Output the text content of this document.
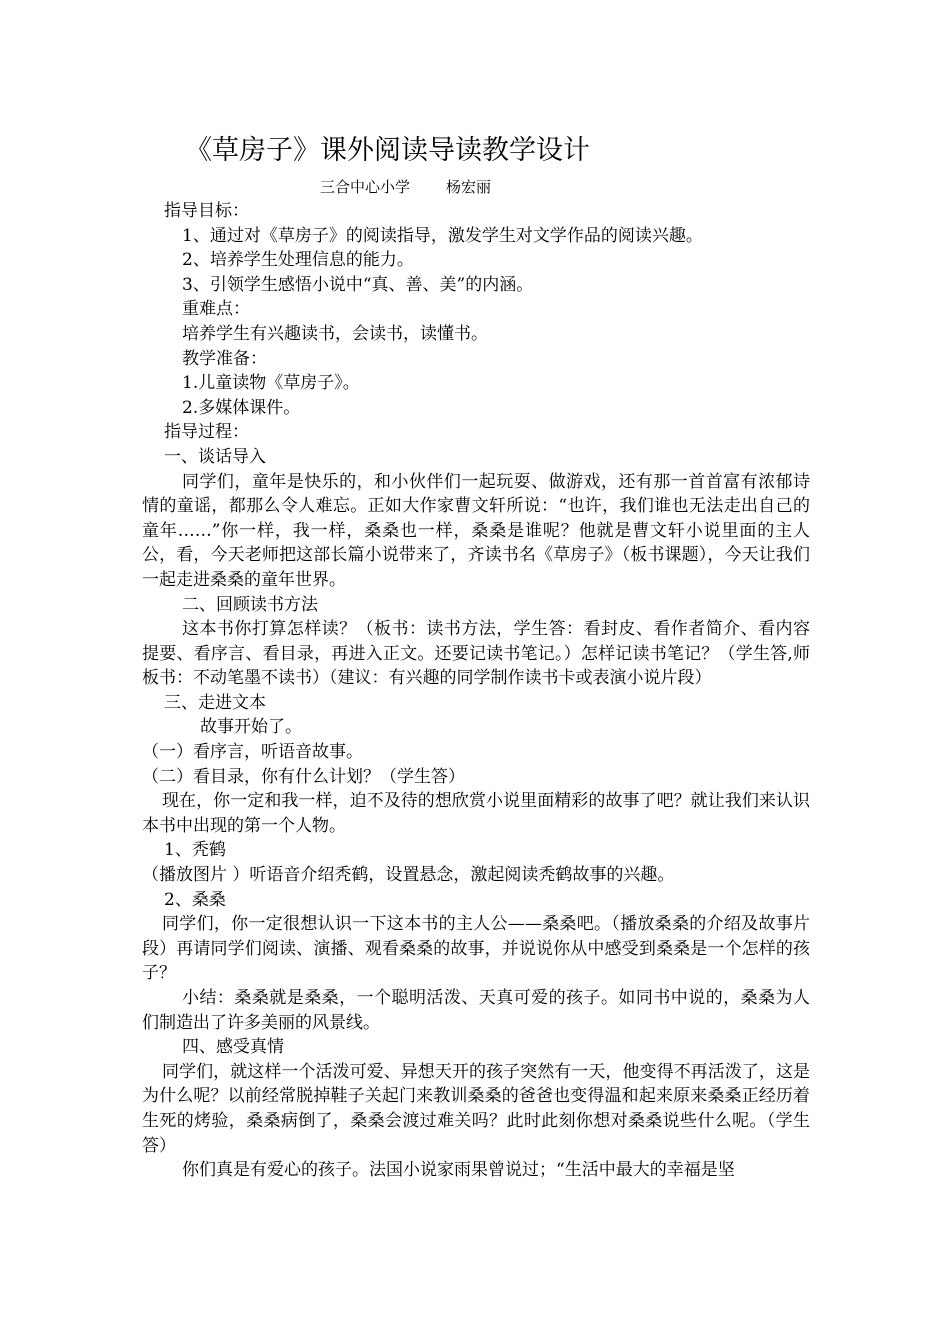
《草房子》课外阅读导读教学设计
三合中心小学 杨宏丽

指导目标：

1、通过对《草房子》的阅读指导，激发学生对文学作品的阅读兴趣。

2、培养学生处理信息的能力。

3、引领学生感悟小说中“真、善、美”的内涵。

重难点：

培养学生有兴趣读书，会读书，读懂书。

教学准备：

1.儿童读物《草房子》。

2.多媒体课件。

指导过程：

一、谈话导入

同学们，童年是快乐的，和小伙伴们一起玩耍、做游戏，还有那一首首富有浓郁诗情的童谣，都那么令人难忘。正如大作家曹文轩所说：“也许，我们谁也无法走出自己的童年……”你一样，我一样，桑桑也一样，桑桑是谁呢？他就是曹文轩小说里面的主人公，看，今天老师把这部长篇小说带来了，齐读书名《草房子》（板书课题），今天让我们一起走进桑桑的童年世界。

二、回顾读书方法

这本书你打算怎样读？（板书：读书方法，学生答：看封皮、看作者简介、看内容提要、看序言、看目录，再进入正文。还要记读书笔记。）怎样记读书笔记？（学生答,师板书：不动笔墨不读书）（建议：有兴趣的同学制作读书卡或表演小说片段）

三、走进文本

故事开始了。

（一）看序言，听语音故事。

（二）看目录，你有什么计划？（学生答）

现在，你一定和我一样，迫不及待的想欣赏小说里面精彩的故事了吧？就让我们来认识本书中出现的第一个人物。

1、秃鹤

（播放图片 ）听语音介绍秃鹤，设置悬念，激起阅读秃鹤故事的兴趣。

2、桑桑

同学们，你一定很想认识一下这本书的主人公——桑桑吧。（播放桑桑的介绍及故事片段）再请同学们阅读、演播、观看桑桑的故事，并说说你从中感受到桑桑是一个怎样的孩子？

小结：桑桑就是桑桑，一个聪明活泼、天真可爱的孩子。如同书中说的，桑桑为人们制造出了许多美丽的风景线。

四、感受真情

同学们，就这样一个活泼可爱、异想天开的孩子突然有一天，他变得不再活泼了，这是为什么呢？以前经常脱掉鞋子关起门来教训桑桑的爸爸也变得温和起来原来桑桑正经历着生死的烤验，桑桑病倒了，桑桑会渡过难关吗？此时此刻你想对桑桑说些什么呢。（学生答）

你们真是有爱心的孩子。法国小说家雨果曾说过；“生活中最大的幸福是坚
